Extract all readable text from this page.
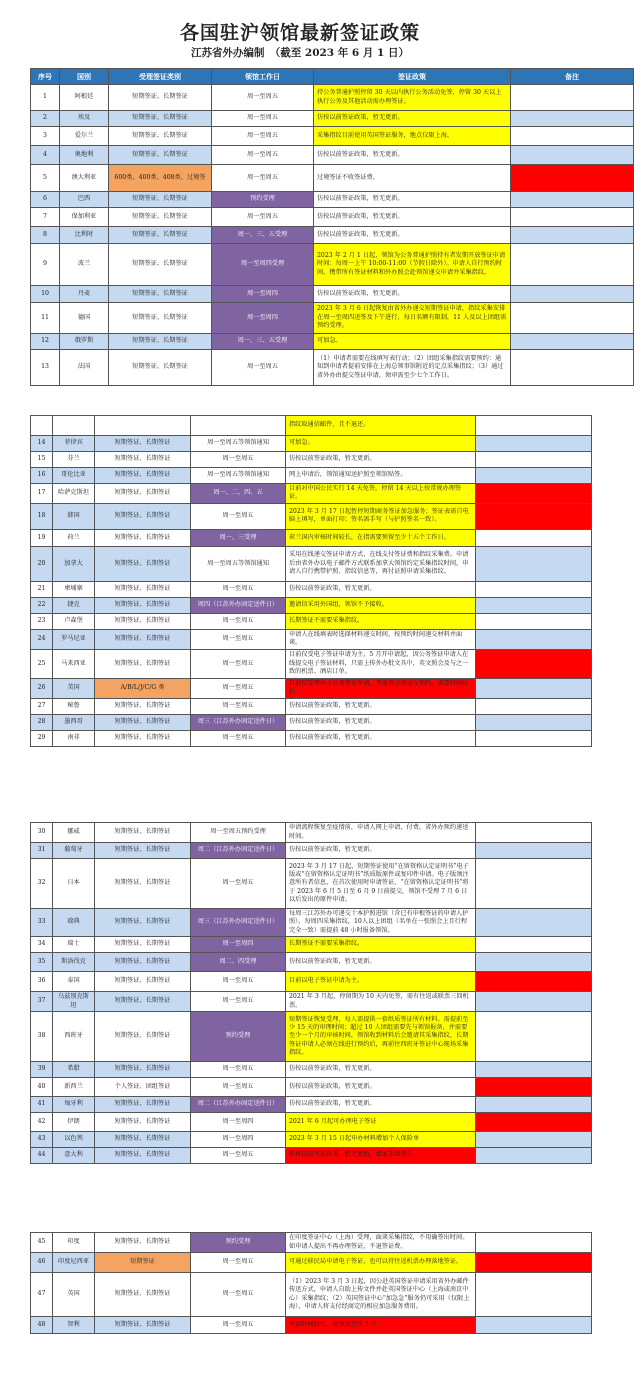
各国驻沪领馆最新签证政策
江苏省外办编制　（截至 2023 年 6 月 1 日）
序号	国别	受理签证类别	领馆工作日	签证政策	备注
1	阿根廷	短期签证、长期签证	周一至周五	持公务普通护照停留 30 天以内执行公务活动免签，停留 30 天以上执行公务及其他活动需办理签证。	
2	埃及	短期签证、长期签证	周一至周五	仿按以前签证政策，暂无更新。	
3	爱尔兰	短期签证、长期签证	周一至周五	采集指纹目前使用英国签证服务，地点仅限上海。	
4	奥地利	短期签证、长期签证	周一至周五	仿按以前签证政策，暂无更新。	
5	澳大利亚	600类、400类、408类、过境签	周一至周五	过境签证不收签证费。	对于签证无法提前发布的情况不受影响
6	巴西	短期签证、长期签证	预约受理	仿按以前签证政策，暂无更新。	
7	保加利亚	短期签证、长期签证	周一至周五	仿按以前签证政策，暂无更新。	
8	比利时	短期签证、长期签证	周一、三、五受理	仿按以前签证政策，暂无更新。	
9	波兰	短期签证、长期签证	周一至周四受理	2023 年 2 月 1 日起，领馆为公务普通护照持有者发期开放签证申请时间：每周一上午 10:00-11:00（节假日除外）。申请人自行预约时间，携带所有签证材料和外办照会赴领馆递交申请并采集指纹。	
10	丹麦	短期签证、长期签证	周一至周四	仿按以前签证政策，暂无更新。	
11	德国	短期签证、长期签证	周一至周四	2023 年 3 月 6 日起恢复由省外办递交短期签证申请，指纹采集安排在周一至周四送签及下午进行，每日名额有限制，11 人及以上团组需预约受理。	
12	俄罗斯	短期签证、长期签证	周一、三、五受理	可加急。	
13	法国	短期签证、长期签证	周一至周五	（1）申请者需要在线填写表行动；（2）团组采集指纹需要预约：通知到申请者提前安排在上海总领事馆附近的定点采集指纹；（3）通过省外办由提交签证申请，须审需至少七个工作日。	

				指纹取通信邮件，且不退还。	
14	菲律宾	短期签证、长期签证	周一至周五等领馆通知	可加急。	
15	芬兰	短期签证、长期签证	周一至周五	仿按以前签证政策，暂无更新。	
16	哥伦比亚	短期签证、长期签证	周一至周五等领馆通知	网上申请后，领馆通知送护照至领馆贴签。	
17	哈萨克斯坦	短期签证、长期签证	周一、二、四、五	目前对中国公民实行 14 天免签，停留 14 天以上按常规办理签证。	对于签证无法提前发布的情况不受影响
18	韩国	短期签证、长期签证	周一至周五	2023 年 3 月 17 日起暂停短期商务签证加急服务；签证表需自电脑上填写，单面打印；签名需手写（与护照签名一致）。	对于签证无法提前发布的情况不受影响
19	荷兰	短期签证、长期签证	周一、三受理	荷兰国内审核时间较长，在指需要预留至少十五个工作日。	
20	加拿大	短期签证、长期签证	周一至周五等领馆通知	采用在线递交签证申请方式，在线支付签证费和指纹采集费。申请后由省外办以电子邮件方式联系加拿大领馆约定采集指纹时间，申请人自行携带护照、指纹信息等，再付证照申请采集指纹。	
21	柬埔寨	短期签证、长期签证	周一至周五	仿按以前签证政策，暂无更新。	
22	捷克	短期签证、长期签证	周四（江苏外办固定送件日）	邀请信采用外国组，领馆不予接收。	
23	卢森堡	短期签证、长期签证	周一至周五	长期签证不需要采集指纹。	
24	罗马尼亚	短期签证、长期签证	周一至周五	申请人在线填表时选择材料递交时间，按预约时间递交材料并面谈。	
25	马来西亚	短期签证、长期签证	周一至周五	目前仅受电子签证申请为主，5 月开申请起，因公务签证申请人在线提交电子签证材料，只需上传外办批文具中，英文照会及与之一致的机票、酒店订单。	对于签证无法提前发布的情况不受影响
26	美国	A/B/L/J/C/G 类	周一至周五	目前仅受理外交公务签证申请，普通签证需提交预约，需要时间较长。	
27	秘鲁	短期签证、长期签证	周一至周五	仿按以前签证政策，暂无更新。	
28	墨西哥	短期签证、长期签证	周三（江苏外办固定送件日）	仿按以前签证政策，暂无更新。	
29	南非	短期签证、长期签证	周一至周五	仿按以前签证政策，暂无更新。	

30	挪威	短期签证、长期签证	周一至周五预约受理	申请流程恢复至疫情前，申请人网上申请、付费，省外办预约递送时间。	
31	葡萄牙	短期签证、长期签证	周二（江苏外办固定送件日）	仿按以前签证政策，暂无更新。	
32	日本	短期签证、长期签证	周一至周五	2023 年 3 月 17 日起，短期签证使用“在留资格认定证明书”电子版或“在留资格认定证明书”纸质版原件或复印件申请。电子版须注意所有者信息，在首次使用时申请签证，“在留资格认定证明书”将于 2023 年 6 月 5 日至 6 月 9 日前提交，领馆不受理 7 月 6 日以后发出的原件申请。	
33	瑞典	短期签证、长期签证	周三（江苏外办固定送件日）	每周三江苏外办可递交十本护照进馆（含已有申根签证的申请人护照），每周四采集指纹，10人以上团组（名单在一张照会上且行程完全一致）需提前 48 小时报备领馆。	
34	瑞士	短期签证、长期签证	周一至周四	长期签证不需要采集指纹。	
35	斯洛伐克	短期签证、长期签证	周二、四受理	仿按以前签证政策，暂无更新。	
36	泰国	短期签证、长期签证	周一至周五	目前以电子签证申请为主。	对于签证无法提前发布的情况不受影响
37	乌兹别克斯坦	短期签证、长期签证	周一至周五	2021 年 3 月起，停留期为 10 天内免签，需有往返或联票三回机票。	
38	西班牙	短期签证、长期签证	预约受理	短期签证恢复受理，每人需提供一套纸质签证所有材料。需提前至少 15 天的审理时间；超过 10 人团组需要先与领馆报备，并需要至少一个月的审核时间，领馆收到材料后会邀请其采集指纹，长期签证申请人必须在线进行预约后，再前往西班牙签证中心现场采集指纹。	
39	希腊	短期签证、长期签证	周一至周五	仿按以前签证政策，暂无更新。	
40	新西兰	个人签证、团组签证	周一至周五	仿按以前签证政策，暂无更新。	对于签证无法提前发布的情况不受影响
41	匈牙利	短期签证、长期签证	周二（江苏外办固定送件日）	仿按以前签证政策，暂无更新。	
42	伊朗	短期签证、长期签证	周一至周四	2021 年 6 月起可办理电子签证	对于签证无法提前发布的情况不受影响
43	以色列	短期签证、长期签证	周一至周四	2023 年 3 月 15 日起申办材料增加个人保险单	
44	意大利	短期签证、长期签证	周一至周五	仿按以前签证政策，暂无更新，增加手续费用。	

45	印度	短期签证、长期签证	预约受理	在印度签证中心（上海）受理，面谈采集指纹，不用确签出时间。如申请人提出不再办理签证，不退签证费。	
46	印度尼西亚	短期签证	周一至周五	可通过移民局申请电子签证，也可以持往返机票办理落地签证。	对于签证无法提前发布的情况不受影响
47	英国	短期签证、长期签证	周一至周五	（1）2023 年 3 月 3 日起，因公赴英国签证申请采用省外办邮件传送方式，申请人自助上传文件并赴英国签证中心（上海或南京中心）采集指纹；（2）英国签证中心“加急急”服务仍可采用（仅限上海），申请人将支付经商定的相应加急服务费用。	
48	智利	短期签证、长期签证	周一至周五	平面时间较长，需预留至少 1 月。	
